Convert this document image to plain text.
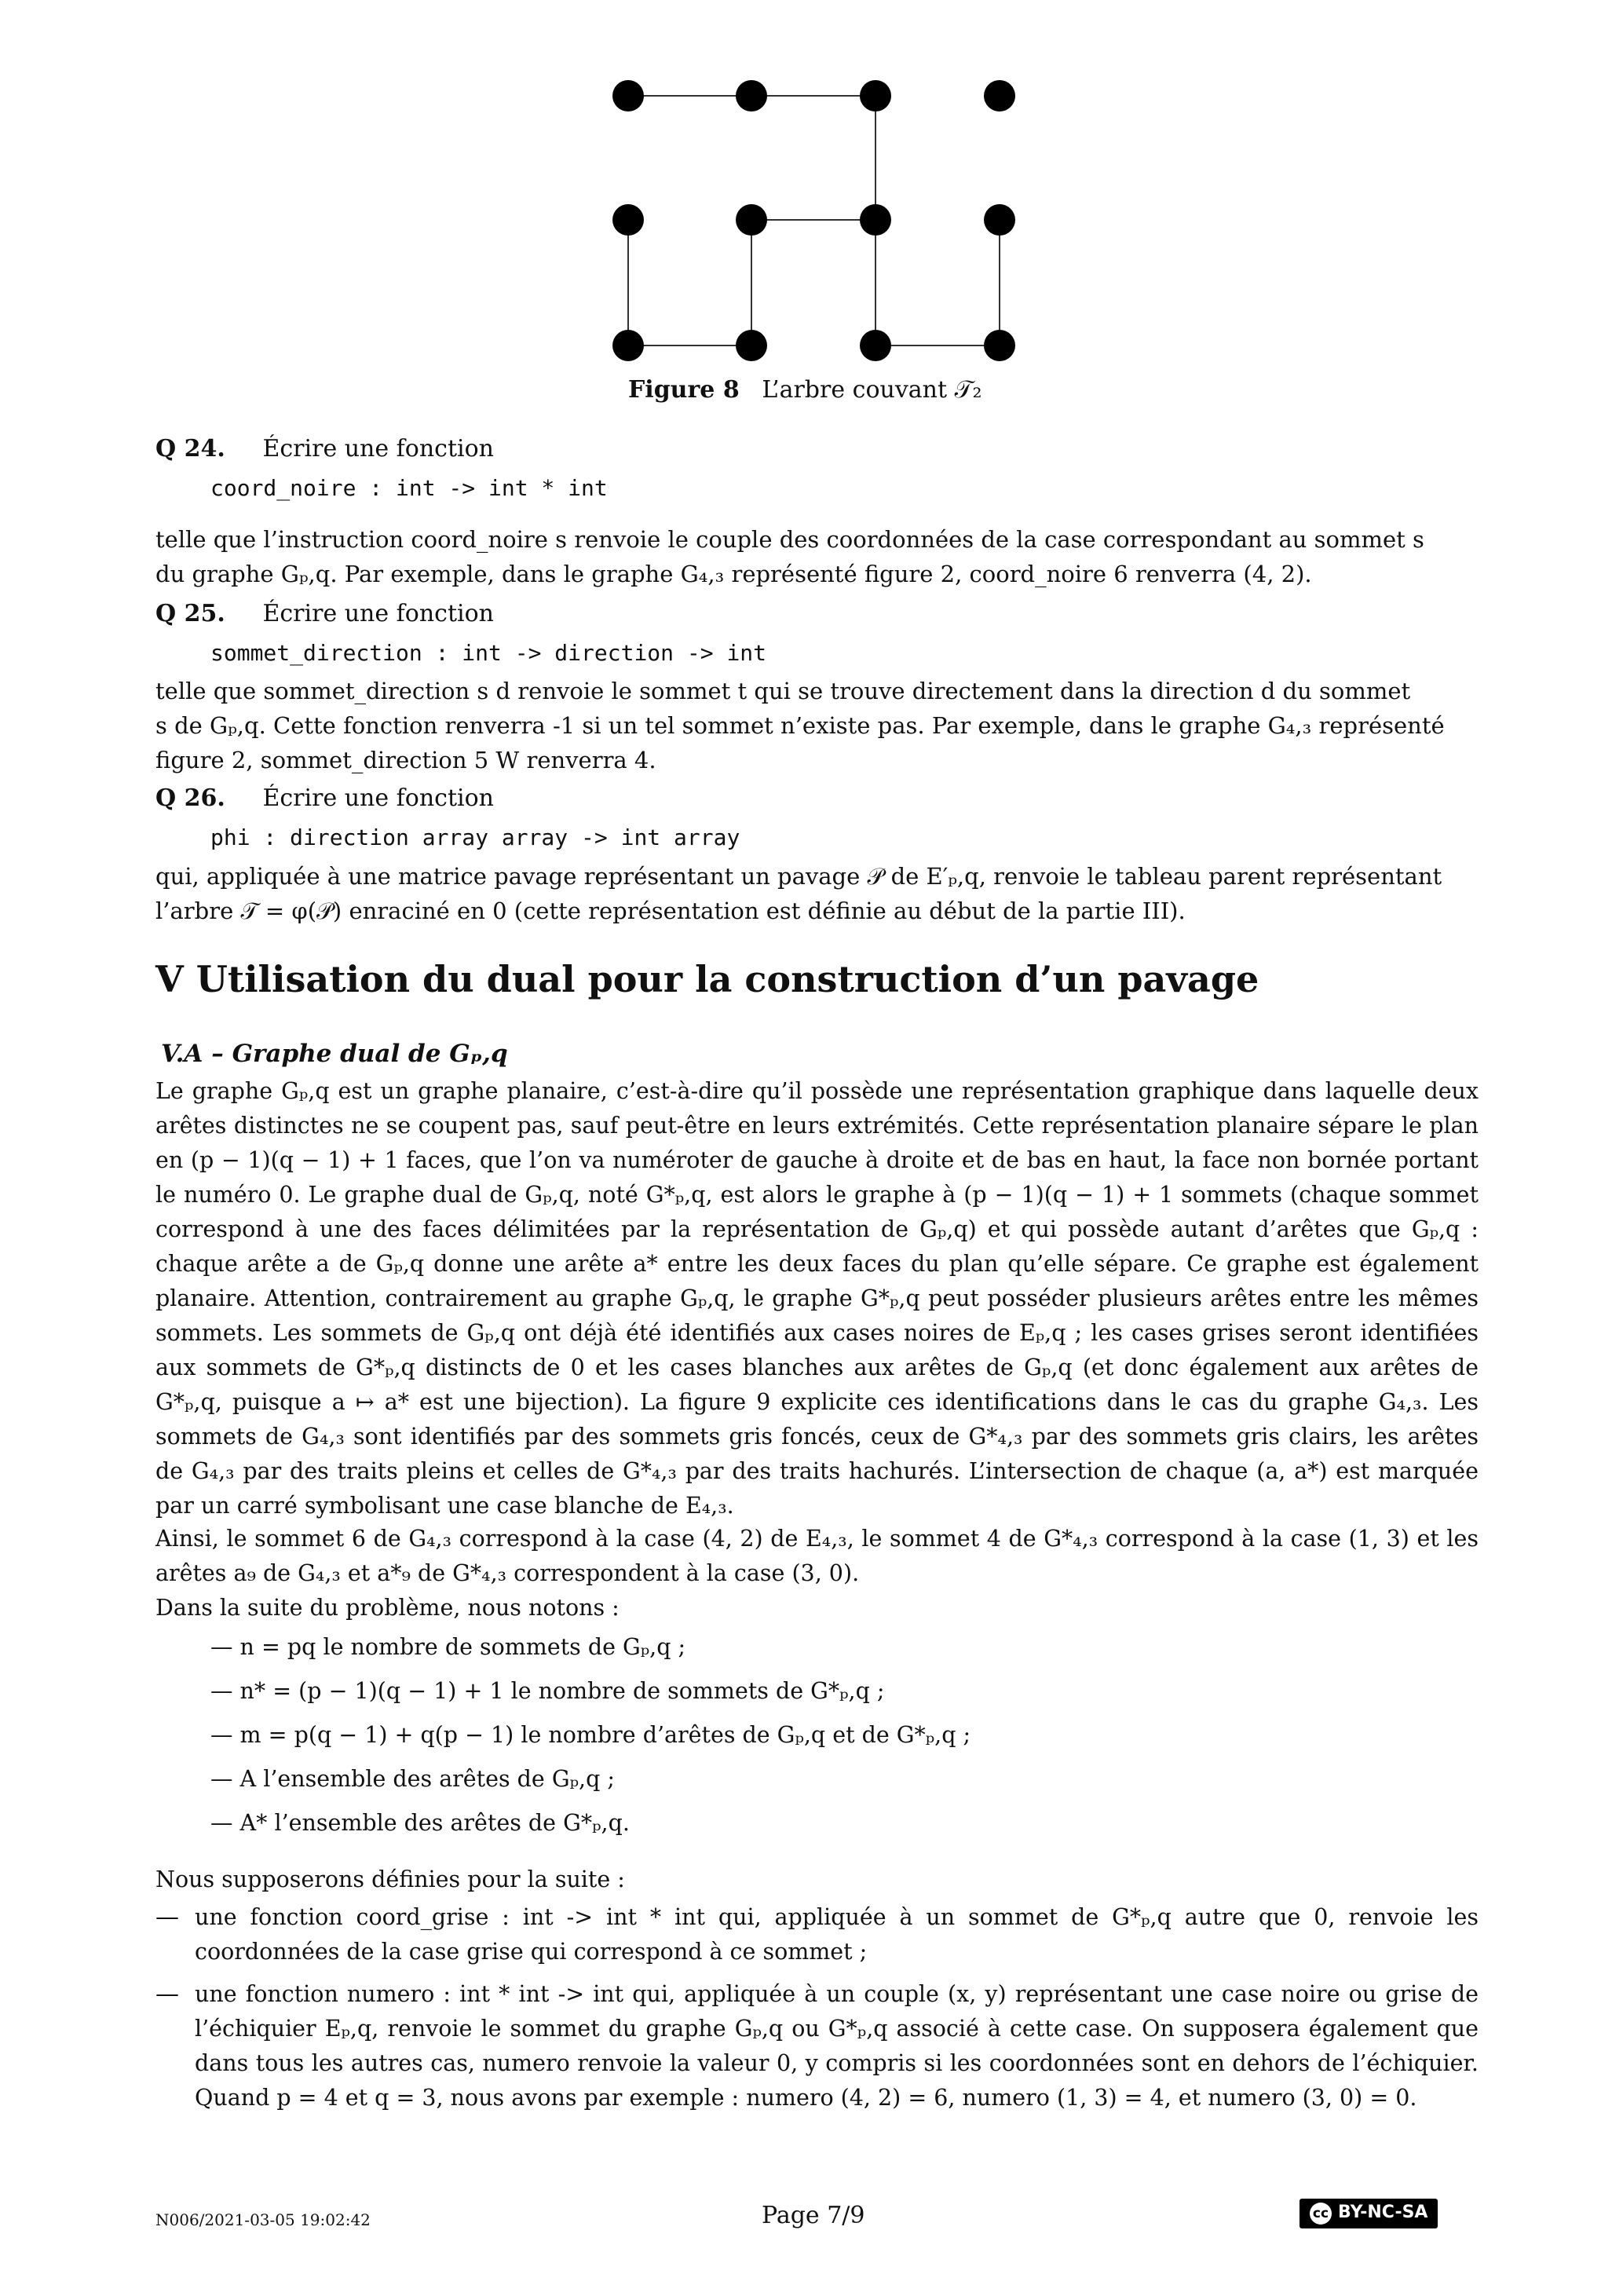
Figure 8 L’arbre couvant 𝒯₂
Q 24. Écrire une fonction
coord_noire : int -> int * int
telle que l’instruction coord_noire s renvoie le couple des coordonnées de la case correspondant au sommet s
du graphe Gₚ,q. Par exemple, dans le graphe G₄,₃ représenté figure 2, coord_noire 6 renverra (4, 2).
Q 25. Écrire une fonction
sommet_direction : int -> direction -> int
telle que sommet_direction s d renvoie le sommet t qui se trouve directement dans la direction d du sommet
s de Gₚ,q. Cette fonction renverra -1 si un tel sommet n’existe pas. Par exemple, dans le graphe G₄,₃ représenté
figure 2, sommet_direction 5 W renverra 4.
Q 26. Écrire une fonction
phi : direction array array -> int array
qui, appliquée à une matrice pavage représentant un pavage 𝒫 de E′ₚ,q, renvoie le tableau parent représentant
l’arbre 𝒯 = φ(𝒫) enraciné en 0 (cette représentation est définie au début de la partie III).
V Utilisation du dual pour la construction d’un pavage
V.A – Graphe dual de Gₚ,q
Le graphe Gₚ,q est un graphe planaire, c’est-à-dire qu’il possède une représentation graphique dans laquelle deux arêtes distinctes ne se coupent pas, sauf peut-être en leurs extrémités. Cette représentation planaire sépare le plan en (p − 1)(q − 1) + 1 faces, que l’on va numéroter de gauche à droite et de bas en haut, la face non bornée portant le numéro 0. Le graphe dual de Gₚ,q, noté G*ₚ,q, est alors le graphe à (p − 1)(q − 1) + 1 sommets (chaque sommet correspond à une des faces délimitées par la représentation de Gₚ,q) et qui possède autant d’arêtes que Gₚ,q : chaque arête a de Gₚ,q donne une arête a* entre les deux faces du plan qu’elle sépare. Ce graphe est également planaire. Attention, contrairement au graphe Gₚ,q, le graphe G*ₚ,q peut posséder plusieurs arêtes entre les mêmes sommets. Les sommets de Gₚ,q ont déjà été identifiés aux cases noires de Eₚ,q ; les cases grises seront identifiées aux sommets de G*ₚ,q distincts de 0 et les cases blanches aux arêtes de Gₚ,q (et donc également aux arêtes de G*ₚ,q, puisque a ↦ a* est une bijection). La figure 9 explicite ces identifications dans le cas du graphe G₄,₃. Les sommets de G₄,₃ sont identifiés par des sommets gris foncés, ceux de G*₄,₃ par des sommets gris clairs, les arêtes de G₄,₃ par des traits pleins et celles de G*₄,₃ par des traits hachurés. L’intersection de chaque (a, a*) est marquée par un carré symbolisant une case blanche de E₄,₃.
Ainsi, le sommet 6 de G₄,₃ correspond à la case (4, 2) de E₄,₃, le sommet 4 de G*₄,₃ correspond à la case (1, 3) et les arêtes a₉ de G₄,₃ et a*₉ de G*₄,₃ correspondent à la case (3, 0).
Dans la suite du problème, nous notons :
— n = pq le nombre de sommets de Gₚ,q ;
— n* = (p − 1)(q − 1) + 1 le nombre de sommets de G*ₚ,q ;
— m = p(q − 1) + q(p − 1) le nombre d’arêtes de Gₚ,q et de G*ₚ,q ;
— A l’ensemble des arêtes de Gₚ,q ;
— A* l’ensemble des arêtes de G*ₚ,q.
Nous supposerons définies pour la suite :
— une fonction coord_grise : int -> int * int qui, appliquée à un sommet de G*ₚ,q autre que 0, renvoie les coordonnées de la case grise qui correspond à ce sommet ;
— une fonction numero : int * int -> int qui, appliquée à un couple (x, y) représentant une case noire ou grise de l’échiquier Eₚ,q, renvoie le sommet du graphe Gₚ,q ou G*ₚ,q associé à cette case. On supposera également que dans tous les autres cas, numero renvoie la valeur 0, y compris si les coordonnées sont en dehors de l’échiquier. Quand p = 4 et q = 3, nous avons par exemple : numero (4, 2) = 6, numero (1, 3) = 4, et numero (3, 0) = 0.
N006/2021-03-05 19:02:42	Page 7/9	cc BY-NC-SA
